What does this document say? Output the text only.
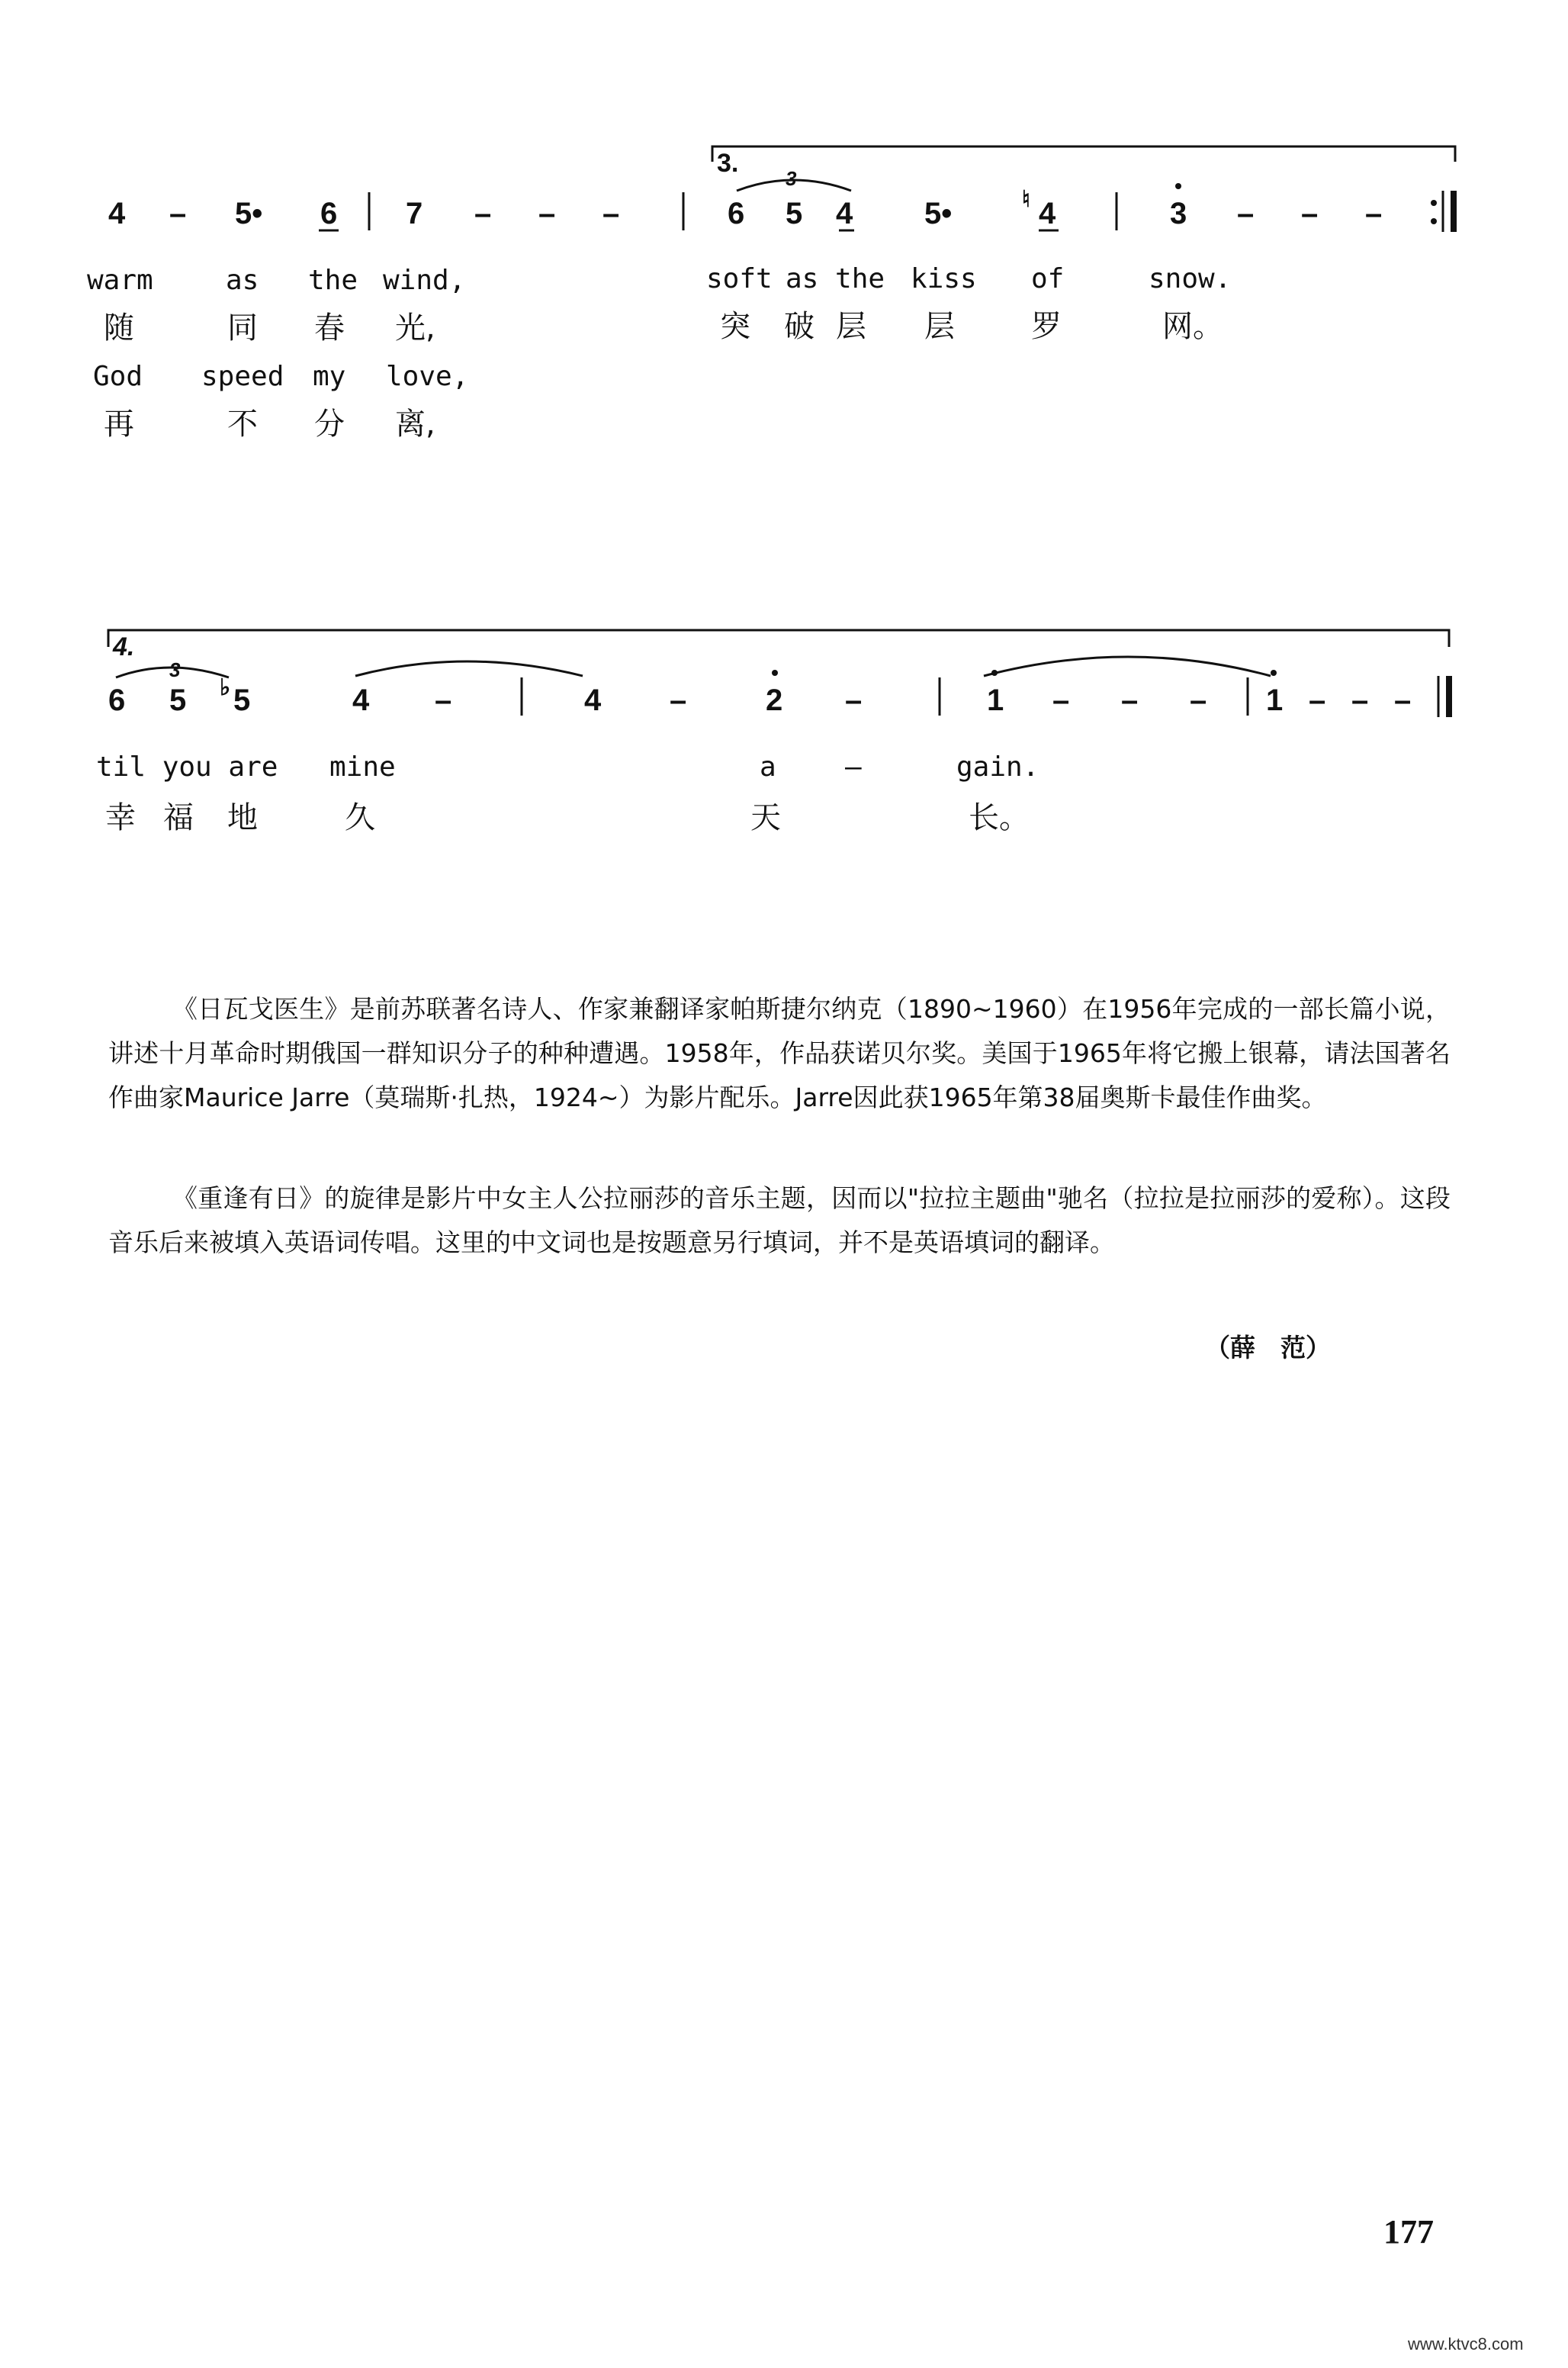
3.
3
4 – 5• 6 7 – – –	6 5 4 5•	♮ 4	3 – – –
warm	as the wind,	soft as the kiss of	snow.
随	同 春 光,	突 破 层 层	罗	网。
God speed my love,
再	不 分 离,
4.
3
6 5 ♭ 5	4 –	4 –	2 –	1 – – – 1 – – –
til you are mine	a	–	gain.
幸 福 地	久	天	长。
《日瓦戈医生》是前苏联著名诗人、作家兼翻译家帕斯捷尔纳克（1890~1960）在1956年完成的一部长篇小说，讲述十月革命时期俄国一群知识分子的种种遭遇。1958年，作品获诺贝尔奖。美国于1965年将它搬上银幕，请法国著名作曲家Maurice Jarre（莫瑞斯·扎热，1924~）为影片配乐。Jarre因此获1965年第38届奥斯卡最佳作曲奖。
《重逢有日》的旋律是影片中女主人公拉丽莎的音乐主题，因而以"拉拉主题曲"驰名（拉拉是拉丽莎的爱称）。这段音乐后来被填入英语词传唱。这里的中文词也是按题意另行填词，并不是英语填词的翻译。
（薛　范）
177
www.ktvc8.com
